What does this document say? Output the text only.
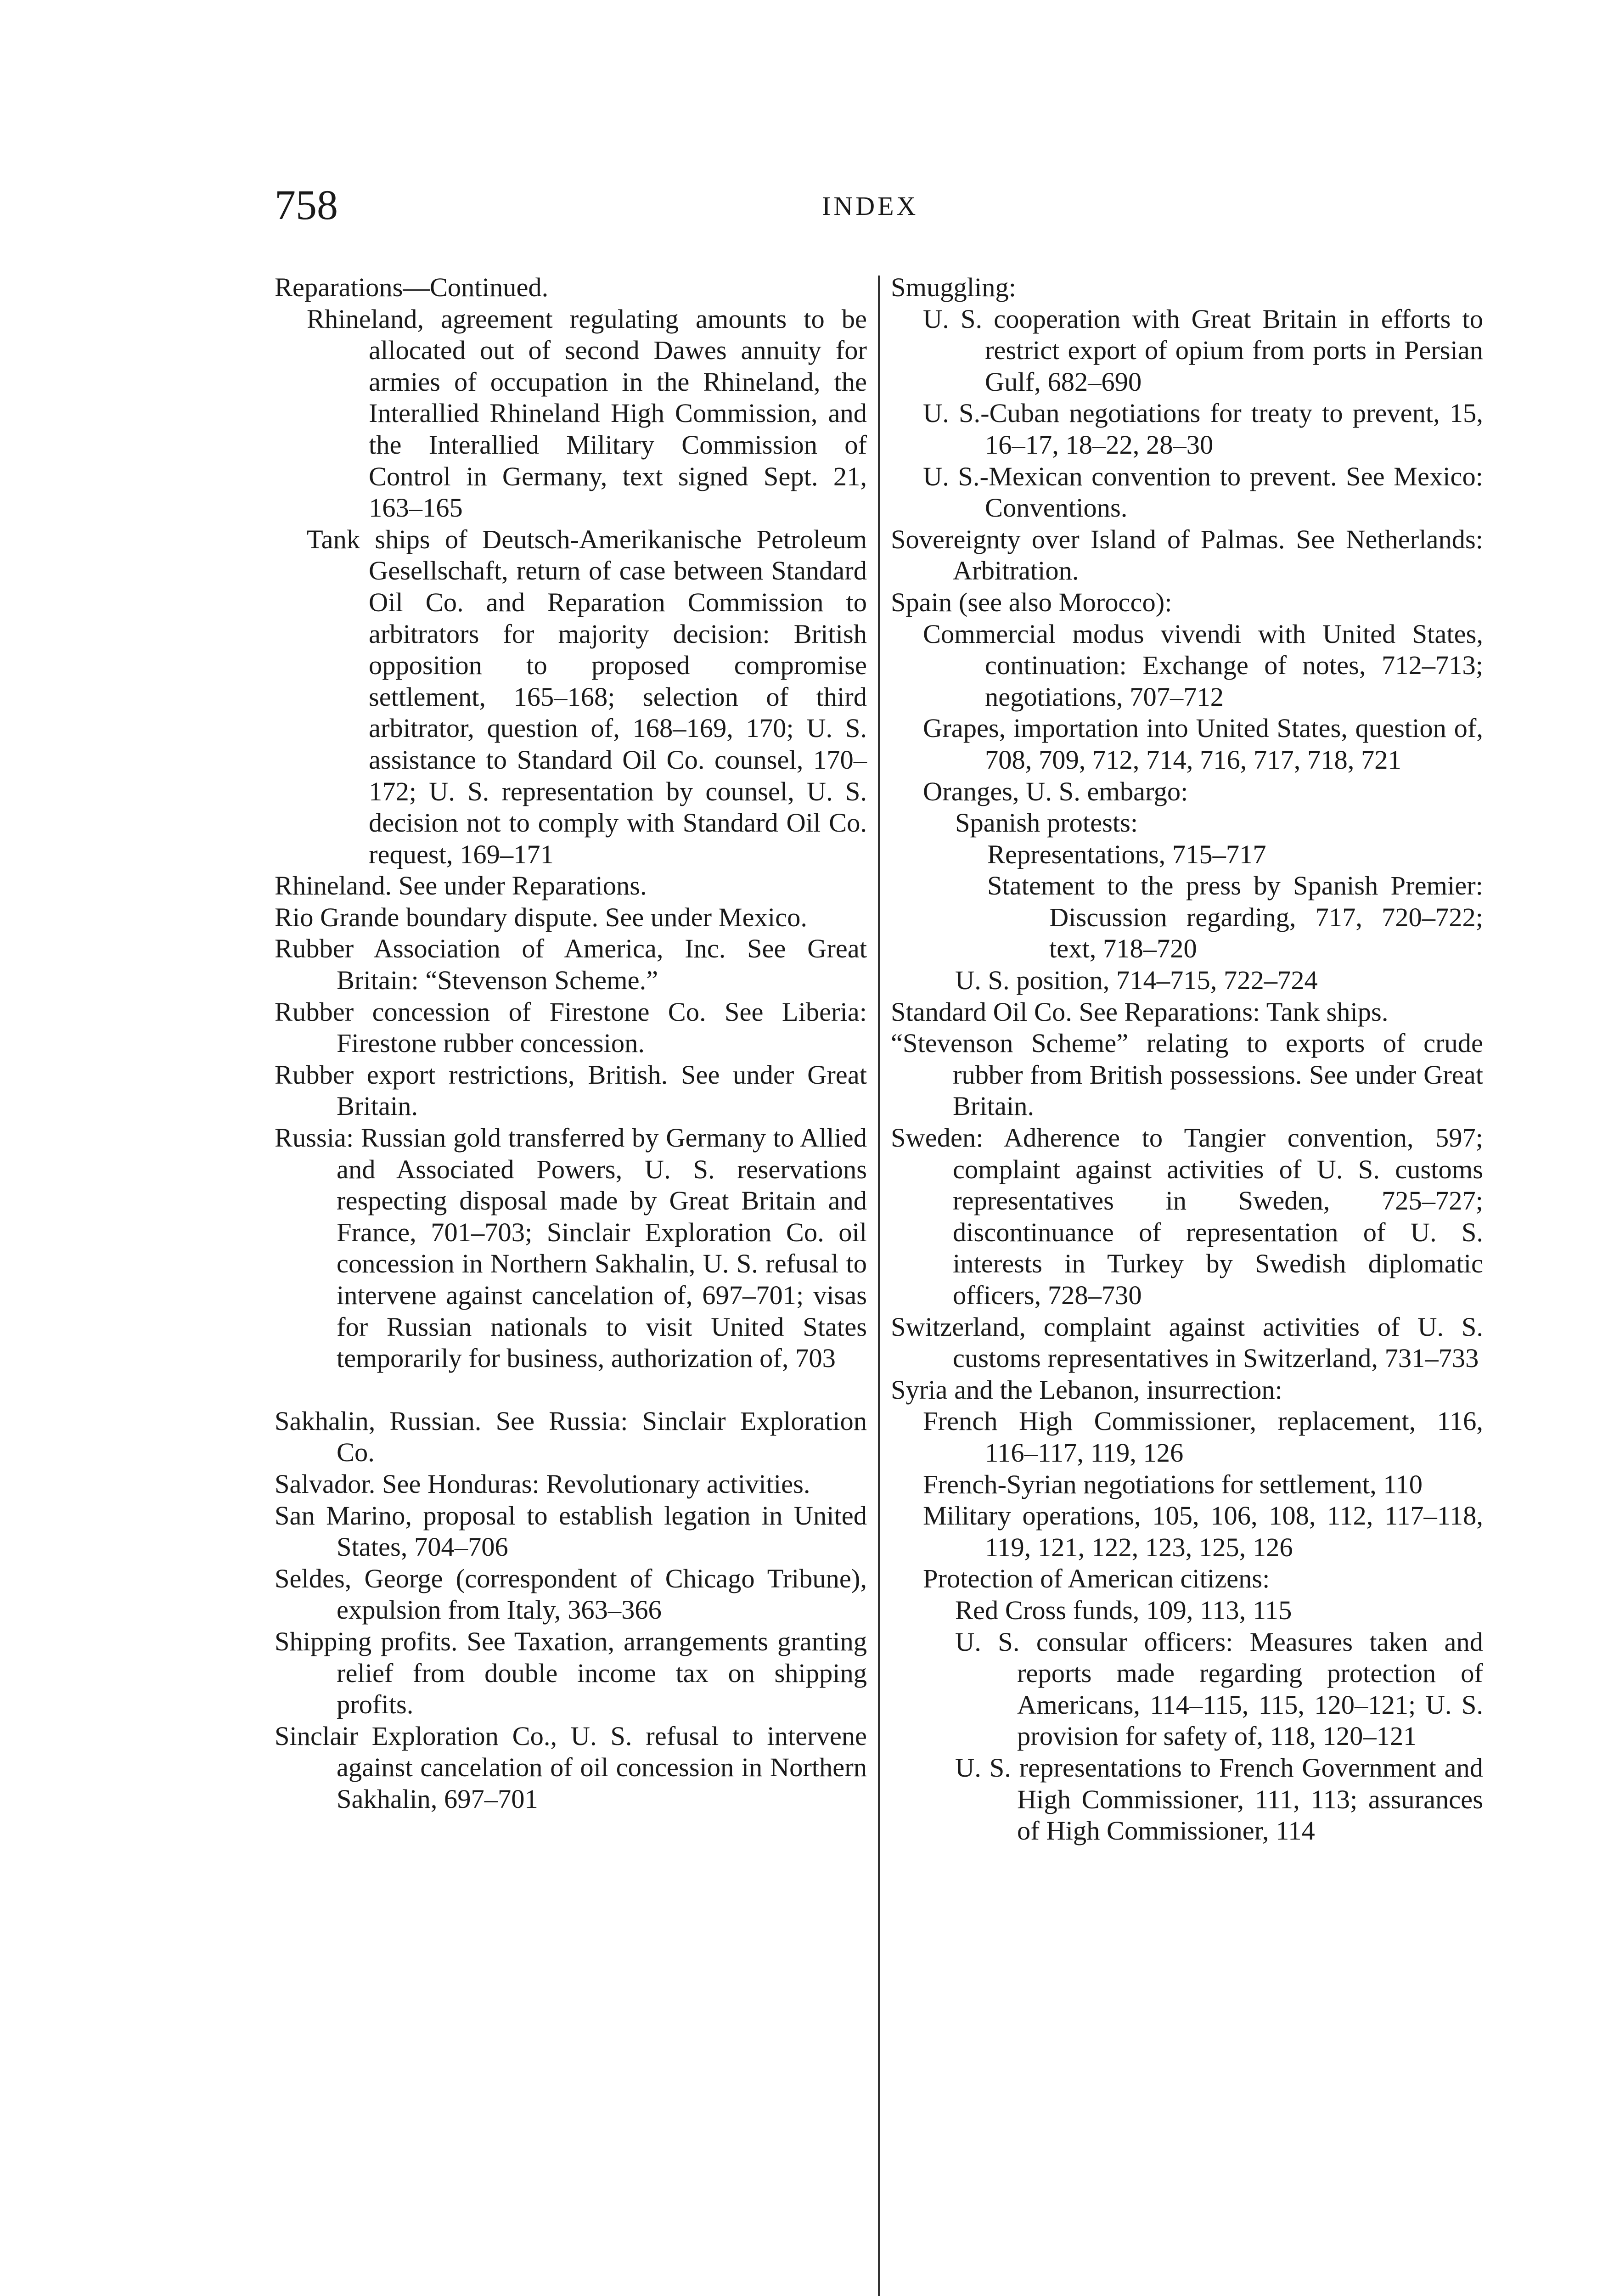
758	INDEX
Reparations—Continued.
Rhineland, agreement regulating amounts to be allocated out of second Dawes annuity for armies of occupation in the Rhineland, the Interallied Rhineland High Commission, and the Interallied Military Commission of Control in Germany, text signed Sept. 21, 163–165
Tank ships of Deutsch-Amerikanische Petroleum Gesellschaft, return of case between Standard Oil Co. and Reparation Commission to arbitrators for majority decision: British opposition to proposed compromise settlement, 165–168; selection of third arbitrator, question of, 168–169, 170; U. S. assistance to Standard Oil Co. counsel, 170–172; U. S. representation by counsel, U. S. decision not to comply with Standard Oil Co. request, 169–171
Rhineland. See under Reparations.
Rio Grande boundary dispute. See under Mexico.
Rubber Association of America, Inc. See Great Britain: “Stevenson Scheme.”
Rubber concession of Firestone Co. See Liberia: Firestone rubber concession.
Rubber export restrictions, British. See under Great Britain.
Russia: Russian gold transferred by Germany to Allied and Associated Powers, U. S. reservations respecting disposal made by Great Britain and France, 701–703; Sinclair Exploration Co. oil concession in Northern Sakhalin, U. S. refusal to intervene against cancelation of, 697–701; visas for Russian nationals to visit United States temporarily for business, authorization of, 703
Sakhalin, Russian. See Russia: Sinclair Exploration Co.
Salvador. See Honduras: Revolutionary activities.
San Marino, proposal to establish legation in United States, 704–706
Seldes, George (correspondent of Chicago Tribune), expulsion from Italy, 363–366
Shipping profits. See Taxation, arrangements granting relief from double income tax on shipping profits.
Sinclair Exploration Co., U. S. refusal to intervene against cancelation of oil concession in Northern Sakhalin, 697–701
Smuggling:
U. S. cooperation with Great Britain in efforts to restrict export of opium from ports in Persian Gulf, 682–690
U. S.-Cuban negotiations for treaty to prevent, 15, 16–17, 18–22, 28–30
U. S.-Mexican convention to prevent. See Mexico: Conventions.
Sovereignty over Island of Palmas. See Netherlands: Arbitration.
Spain (see also Morocco):
Commercial modus vivendi with United States, continuation: Exchange of notes, 712–713; negotiations, 707–712
Grapes, importation into United States, question of, 708, 709, 712, 714, 716, 717, 718, 721
Oranges, U. S. embargo:
Spanish protests:
Representations, 715–717
Statement to the press by Spanish Premier: Discussion regarding, 717, 720–722; text, 718–720
U. S. position, 714–715, 722–724
Standard Oil Co. See Reparations: Tank ships.
“Stevenson Scheme” relating to exports of crude rubber from British possessions. See under Great Britain.
Sweden: Adherence to Tangier convention, 597; complaint against activities of U. S. customs representatives in Sweden, 725–727; discontinuance of representation of U. S. interests in Turkey by Swedish diplomatic officers, 728–730
Switzerland, complaint against activities of U. S. customs representatives in Switzerland, 731–733
Syria and the Lebanon, insurrection:
French High Commissioner, replacement, 116, 116–117, 119, 126
French-Syrian negotiations for settlement, 110
Military operations, 105, 106, 108, 112, 117–118, 119, 121, 122, 123, 125, 126
Protection of American citizens:
Red Cross funds, 109, 113, 115
U. S. consular officers: Measures taken and reports made regarding protection of Americans, 114–115, 115, 120–121; U. S. provision for safety of, 118, 120–121
U. S. representations to French Government and High Commissioner, 111, 113; assurances of High Commissioner, 114
